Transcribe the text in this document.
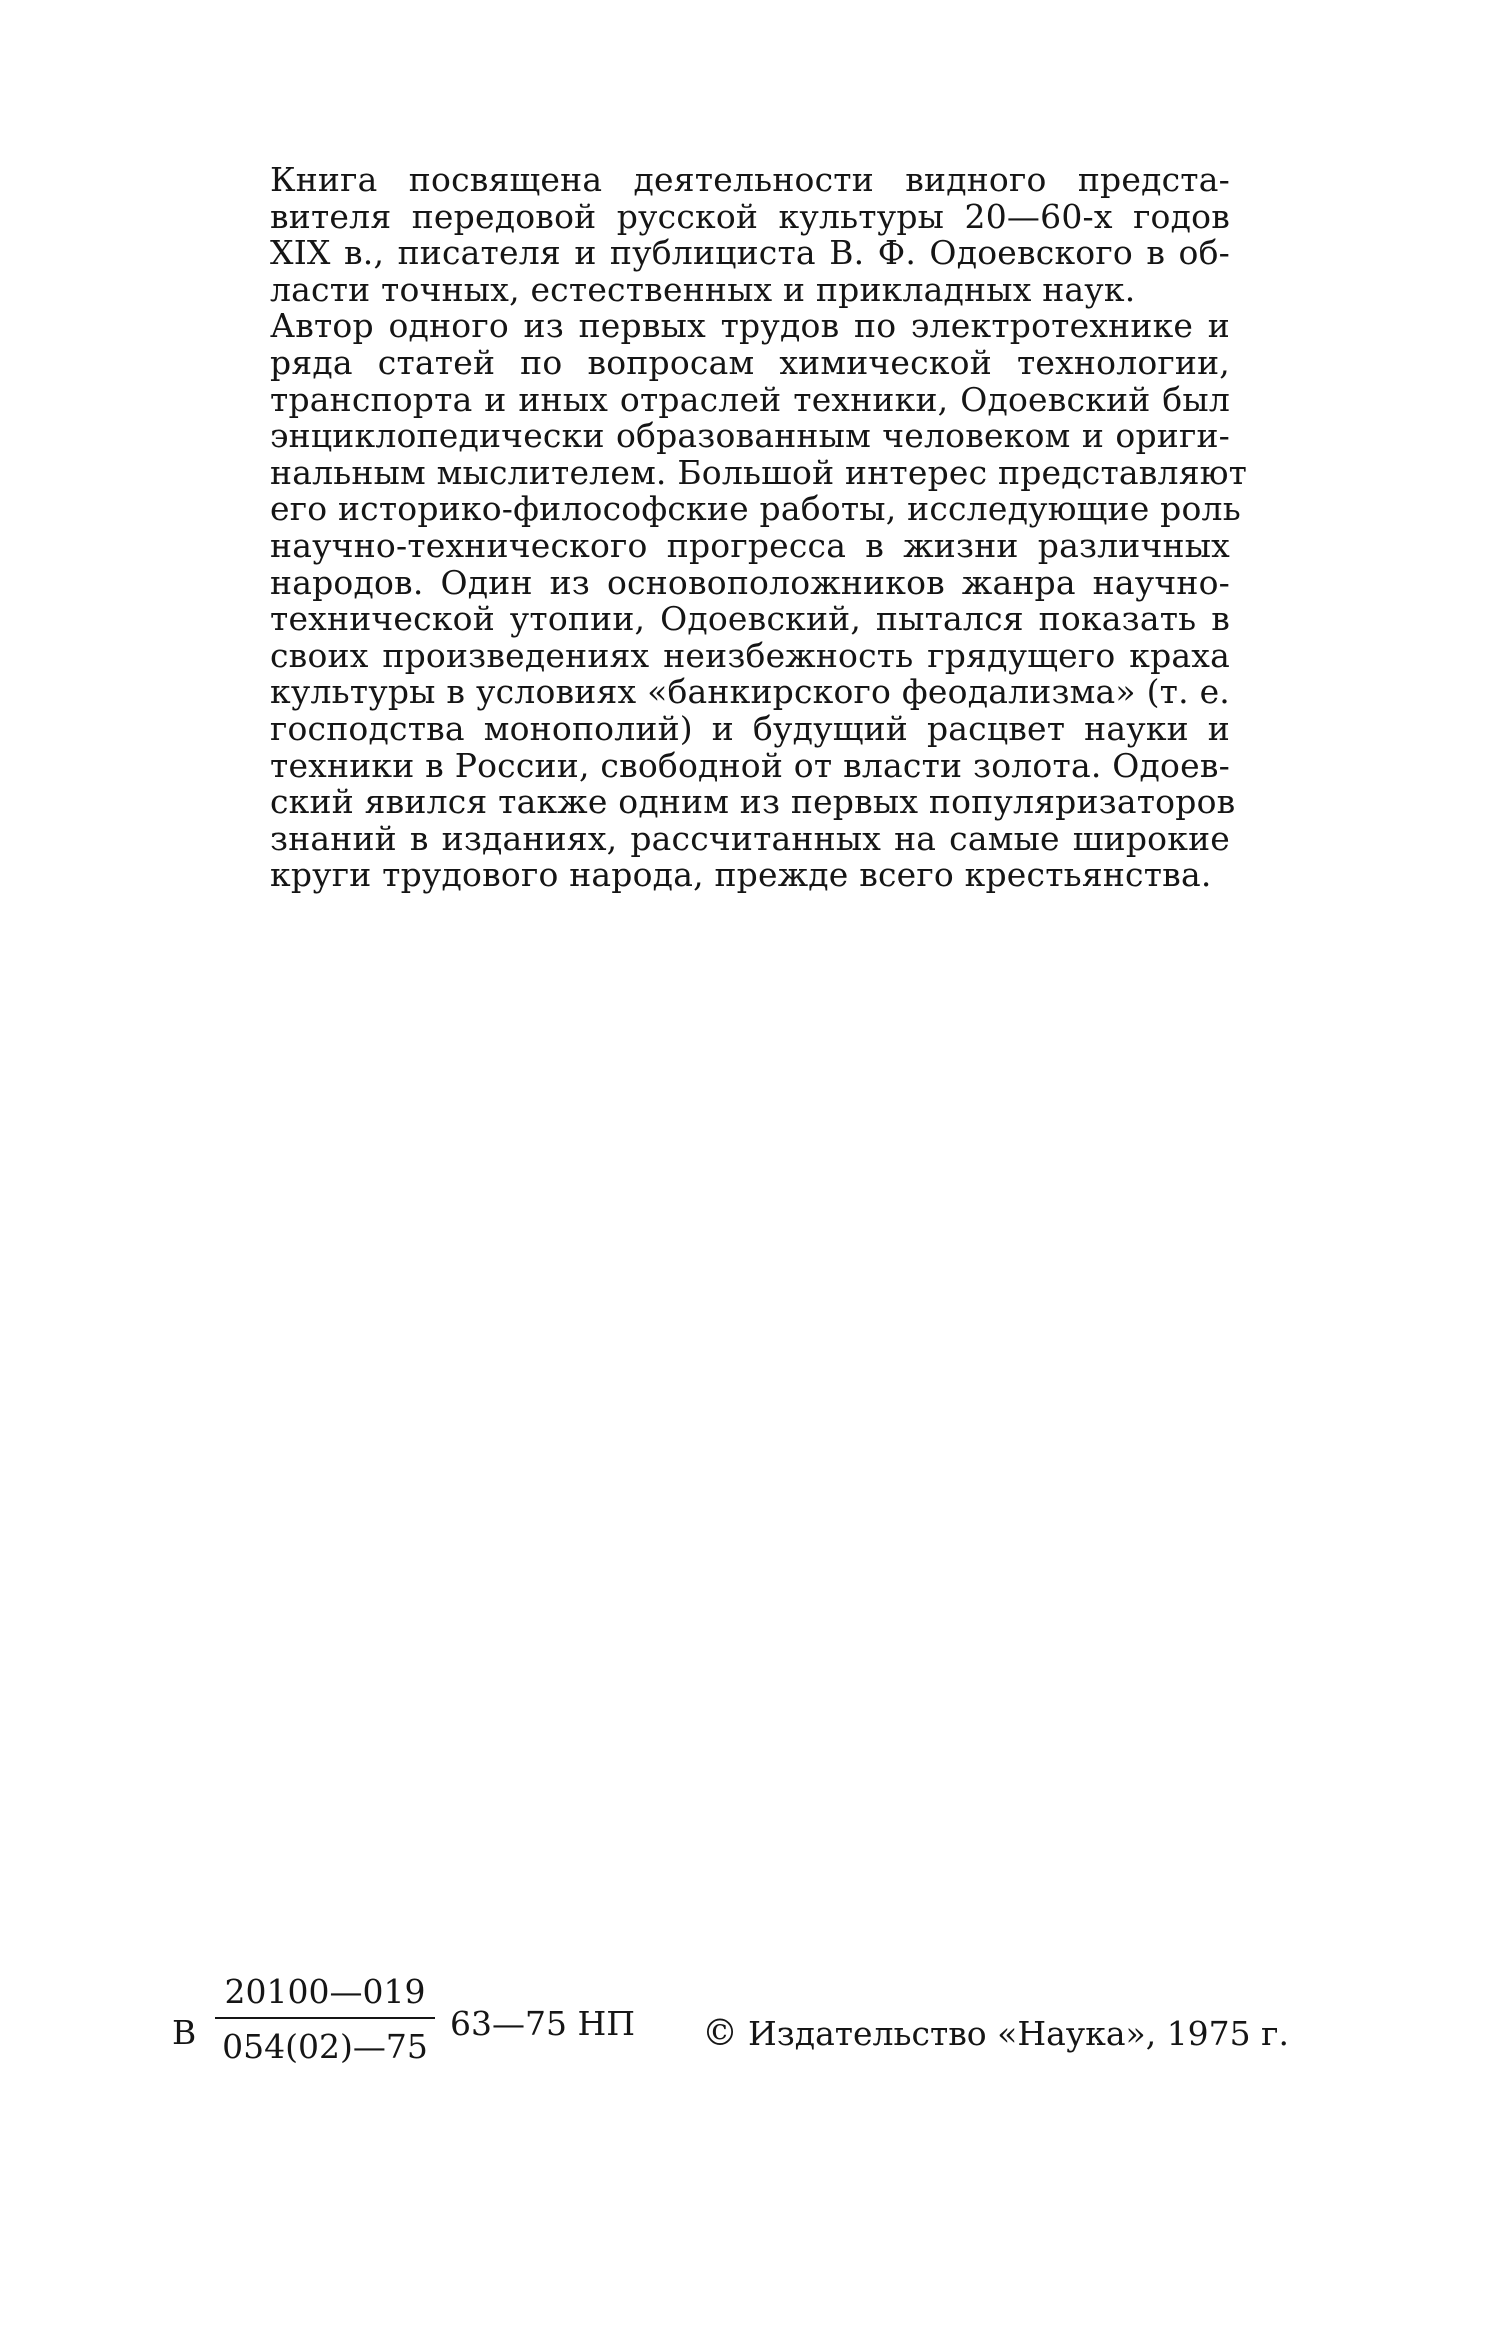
Книга посвящена деятельности видного предста-
вителя передовой русской культуры 20—60-х годов
XIX в., писателя и публициста В. Ф. Одоевского в об-
ласти точных, естественных и прикладных наук.

Автор одного из первых трудов по электротехнике и
ряда статей по вопросам химической технологии,
транспорта и иных отраслей техники, Одоевский был
энциклопедически образованным человеком и ориги-
нальным мыслителем. Большой интерес представляют
его историко-философские работы, исследующие роль
научно-технического прогресса в жизни различных
народов. Один из основоположников жанра научно-
технической утопии, Одоевский, пытался показать в
своих произведениях неизбежность грядущего краха
культуры в условиях «банкирского феодализма» (т. е.
господства монополий) и будущий расцвет науки и
техники в России, свободной от власти золота. Одоев-
ский явился также одним из первых популяризаторов
знаний в изданиях, рассчитанных на самые широкие
круги трудового народа, прежде всего крестьянства.

В $\frac{20100—019}{054(02)—75}$ 63—75 НП © Издательство «Наука», 1975 г.
